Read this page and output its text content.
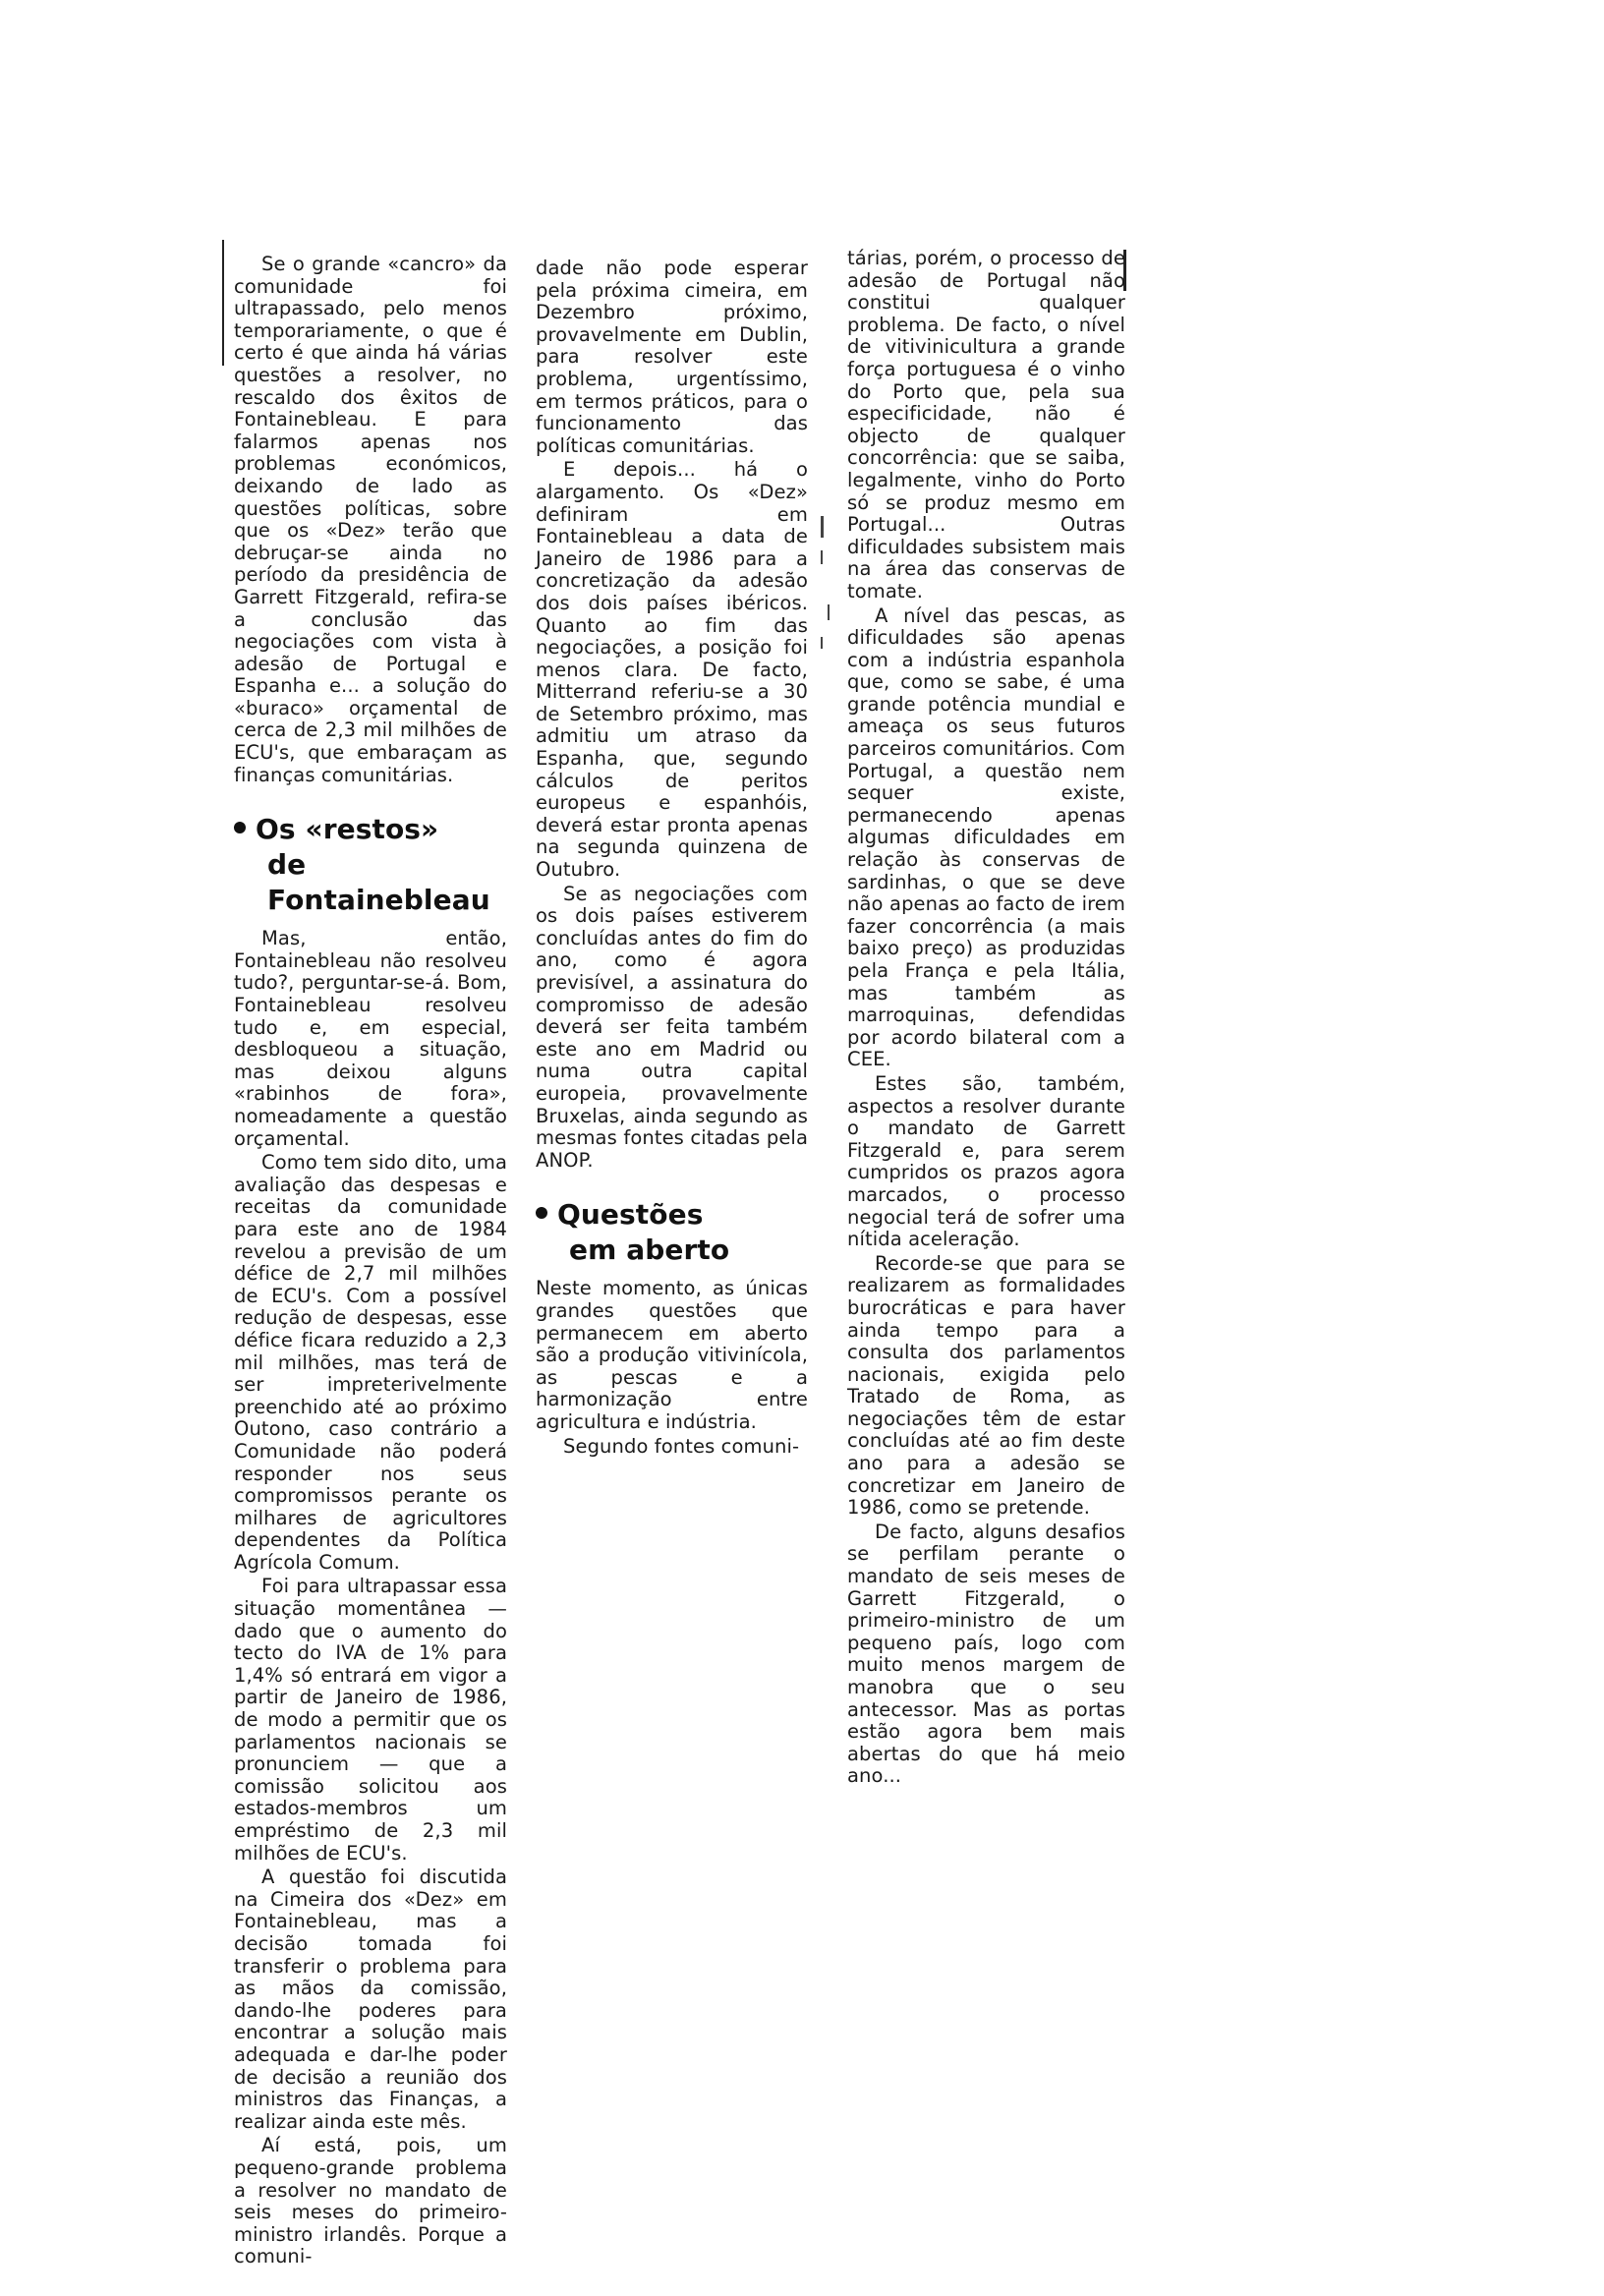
Se o grande «cancro» da comunidade foi ultrapassado, pelo menos temporariamente, o que é certo é que ainda há várias questões a resolver, no rescaldo dos êxitos de Fontainebleau. E para falarmos apenas nos problemas económicos, deixando de lado as questões políticas, sobre que os «Dez» terão que debruçar-se ainda no período da presidência de Garrett Fitzgerald, refira-se a conclusão das negociações com vista à adesão de Portugal e Espanha e... a solução do «buraco» orçamental de cerca de 2,3 mil milhões de ECU's, que embaraçam as finanças comunitárias.

Os «restos»
de
Fontainebleau

Mas, então, Fontainebleau não resolveu tudo?, perguntar-se-á. Bom, Fontainebleau resolveu tudo e, em especial, desbloqueou a situação, mas deixou alguns «rabinhos de fora», nomeadamente a questão orçamental.

Como tem sido dito, uma avaliação das despesas e receitas da comunidade para este ano de 1984 revelou a previsão de um défice de 2,7 mil milhões de ECU's. Com a possível redução de despesas, esse défice ficara reduzido a 2,3 mil milhões, mas terá de ser impreterivelmente preenchido até ao próximo Outono, caso contrário a Comunidade não poderá responder nos seus compromissos perante os milhares de agricultores dependentes da Política Agrícola Comum.

Foi para ultrapassar essa situação momentânea — dado que o aumento do tecto do IVA de 1% para 1,4% só entrará em vigor a partir de Janeiro de 1986, de modo a permitir que os parlamentos nacionais se pronunciem — que a comissão solicitou aos estados-membros um empréstimo de 2,3 mil milhões de ECU's.

A questão foi discutida na Cimeira dos «Dez» em Fontainebleau, mas a decisão tomada foi transferir o problema para as mãos da comissão, dando-lhe poderes para encontrar a solução mais adequada e dar-lhe poder de decisão a reunião dos ministros das Finanças, a realizar ainda este mês.

Aí está, pois, um pequeno-grande problema a resolver no mandato de seis meses do primeiro-ministro irlandês. Porque a comuni-

dade não pode esperar pela próxima cimeira, em Dezembro próximo, provavelmente em Dublin, para resolver este problema, urgentíssimo, em termos práticos, para o funcionamento das políticas comunitárias.

E depois... há o alargamento. Os «Dez» definiram em Fontainebleau a data de Janeiro de 1986 para a concretização da adesão dos dois países ibéricos. Quanto ao fim das negociações, a posição foi menos clara. De facto, Mitterrand referiu-se a 30 de Setembro próximo, mas admitiu um atraso da Espanha, que, segundo cálculos de peritos europeus e espanhóis, deverá estar pronta apenas na segunda quinzena de Outubro.

Se as negociações com os dois países estiverem concluídas antes do fim do ano, como é agora previsível, a assinatura do compromisso de adesão deverá ser feita também este ano em Madrid ou numa outra capital europeia, provavelmente Bruxelas, ainda segundo as mesmas fontes citadas pela ANOP.

Questões
em aberto

Neste momento, as únicas grandes questões que permanecem em aberto são a produção vitivinícola, as pescas e a harmonização entre agricultura e indústria.

Segundo fontes comuni-

tárias, porém, o processo de adesão de Portugal não constitui qualquer problema. De facto, o nível de vitivinicultura a grande força portuguesa é o vinho do Porto que, pela sua especificidade, não é objecto de qualquer concorrência: que se saiba, legalmente, vinho do Porto só se produz mesmo em Portugal... Outras dificuldades subsistem mais na área das conservas de tomate.

A nível das pescas, as dificuldades são apenas com a indústria espanhola que, como se sabe, é uma grande potência mundial e ameaça os seus futuros parceiros comunitários. Com Portugal, a questão nem sequer existe, permanecendo apenas algumas dificuldades em relação às conservas de sardinhas, o que se deve não apenas ao facto de irem fazer concorrência (a mais baixo preço) as produzidas pela França e pela Itália, mas também as marroquinas, defendidas por acordo bilateral com a CEE.

Estes são, também, aspectos a resolver durante o mandato de Garrett Fitzgerald e, para serem cumpridos os prazos agora marcados, o processo negocial terá de sofrer uma nítida aceleração.

Recorde-se que para se realizarem as formalidades burocráticas e para haver ainda tempo para a consulta dos parlamentos nacionais, exigida pelo Tratado de Roma, as negociações têm de estar concluídas até ao fim deste ano para a adesão se concretizar em Janeiro de 1986, como se pretende.

De facto, alguns desafios se perfilam perante o mandato de seis meses de Garrett Fitzgerald, o primeiro-ministro de um pequeno país, logo com muito menos margem de manobra que o seu antecessor. Mas as portas estão agora bem mais abertas do que há meio ano...
